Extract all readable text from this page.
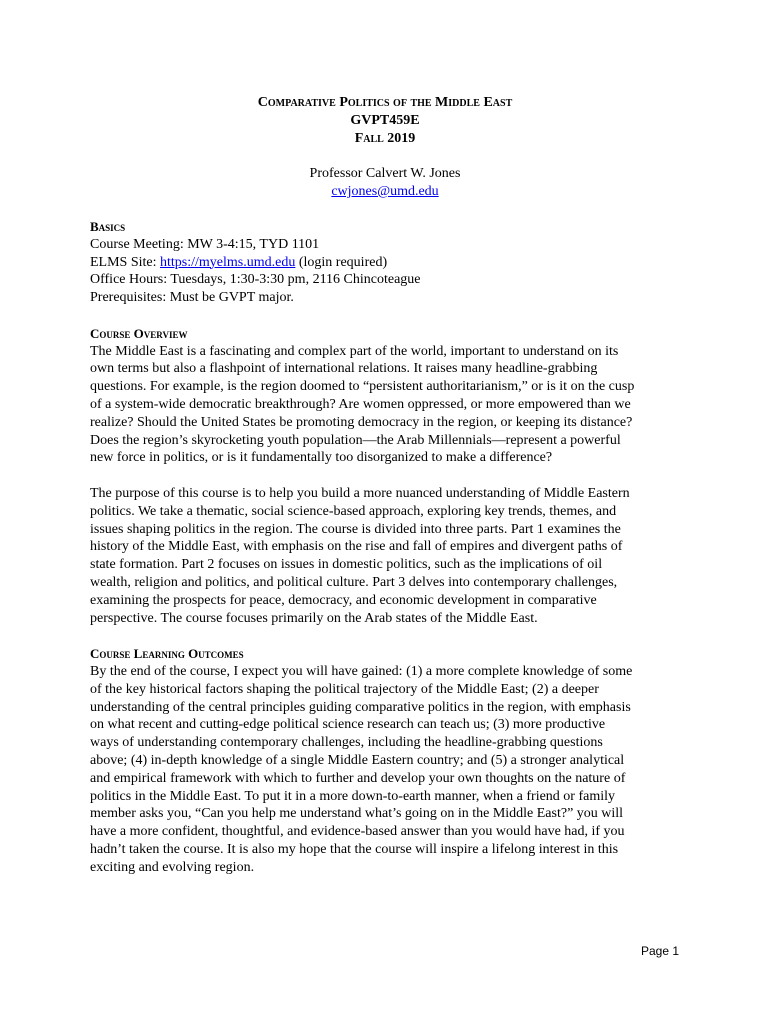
Comparative Politics of the Middle East
GVPT459E
Fall 2019
Professor Calvert W. Jones
cwjones@umd.edu
Basics
Course Meeting: MW 3-4:15, TYD 1101
ELMS Site: https://myelms.umd.edu (login required)
Office Hours: Tuesdays, 1:30-3:30 pm, 2116 Chincoteague
Prerequisites: Must be GVPT major.
Course Overview

The Middle East is a fascinating and complex part of the world, important to understand on its
own terms but also a flashpoint of international relations. It raises many headline-grabbing
questions. For example, is the region doomed to “persistent authoritarianism,” or is it on the cusp
of a system-wide democratic breakthrough? Are women oppressed, or more empowered than we
realize? Should the United States be promoting democracy in the region, or keeping its distance?
Does the region’s skyrocketing youth population—the Arab Millennials—represent a powerful
new force in politics, or is it fundamentally too disorganized to make a difference?

The purpose of this course is to help you build a more nuanced understanding of Middle Eastern
politics. We take a thematic, social science-based approach, exploring key trends, themes, and
issues shaping politics in the region. The course is divided into three parts. Part 1 examines the
history of the Middle East, with emphasis on the rise and fall of empires and divergent paths of
state formation. Part 2 focuses on issues in domestic politics, such as the implications of oil
wealth, religion and politics, and political culture. Part 3 delves into contemporary challenges,
examining the prospects for peace, democracy, and economic development in comparative
perspective. The course focuses primarily on the Arab states of the Middle East.

Course Learning Outcomes

By the end of the course, I expect you will have gained: (1) a more complete knowledge of some
of the key historical factors shaping the political trajectory of the Middle East; (2) a deeper
understanding of the central principles guiding comparative politics in the region, with emphasis
on what recent and cutting-edge political science research can teach us; (3) more productive
ways of understanding contemporary challenges, including the headline-grabbing questions
above; (4) in-depth knowledge of a single Middle Eastern country; and (5) a stronger analytical
and empirical framework with which to further and develop your own thoughts on the nature of
politics in the Middle East. To put it in a more down-to-earth manner, when a friend or family
member asks you, “Can you help me understand what’s going on in the Middle East?” you will
have a more confident, thoughtful, and evidence-based answer than you would have had, if you
hadn’t taken the course. It is also my hope that the course will inspire a lifelong interest in this
exciting and evolving region.

Page 1
